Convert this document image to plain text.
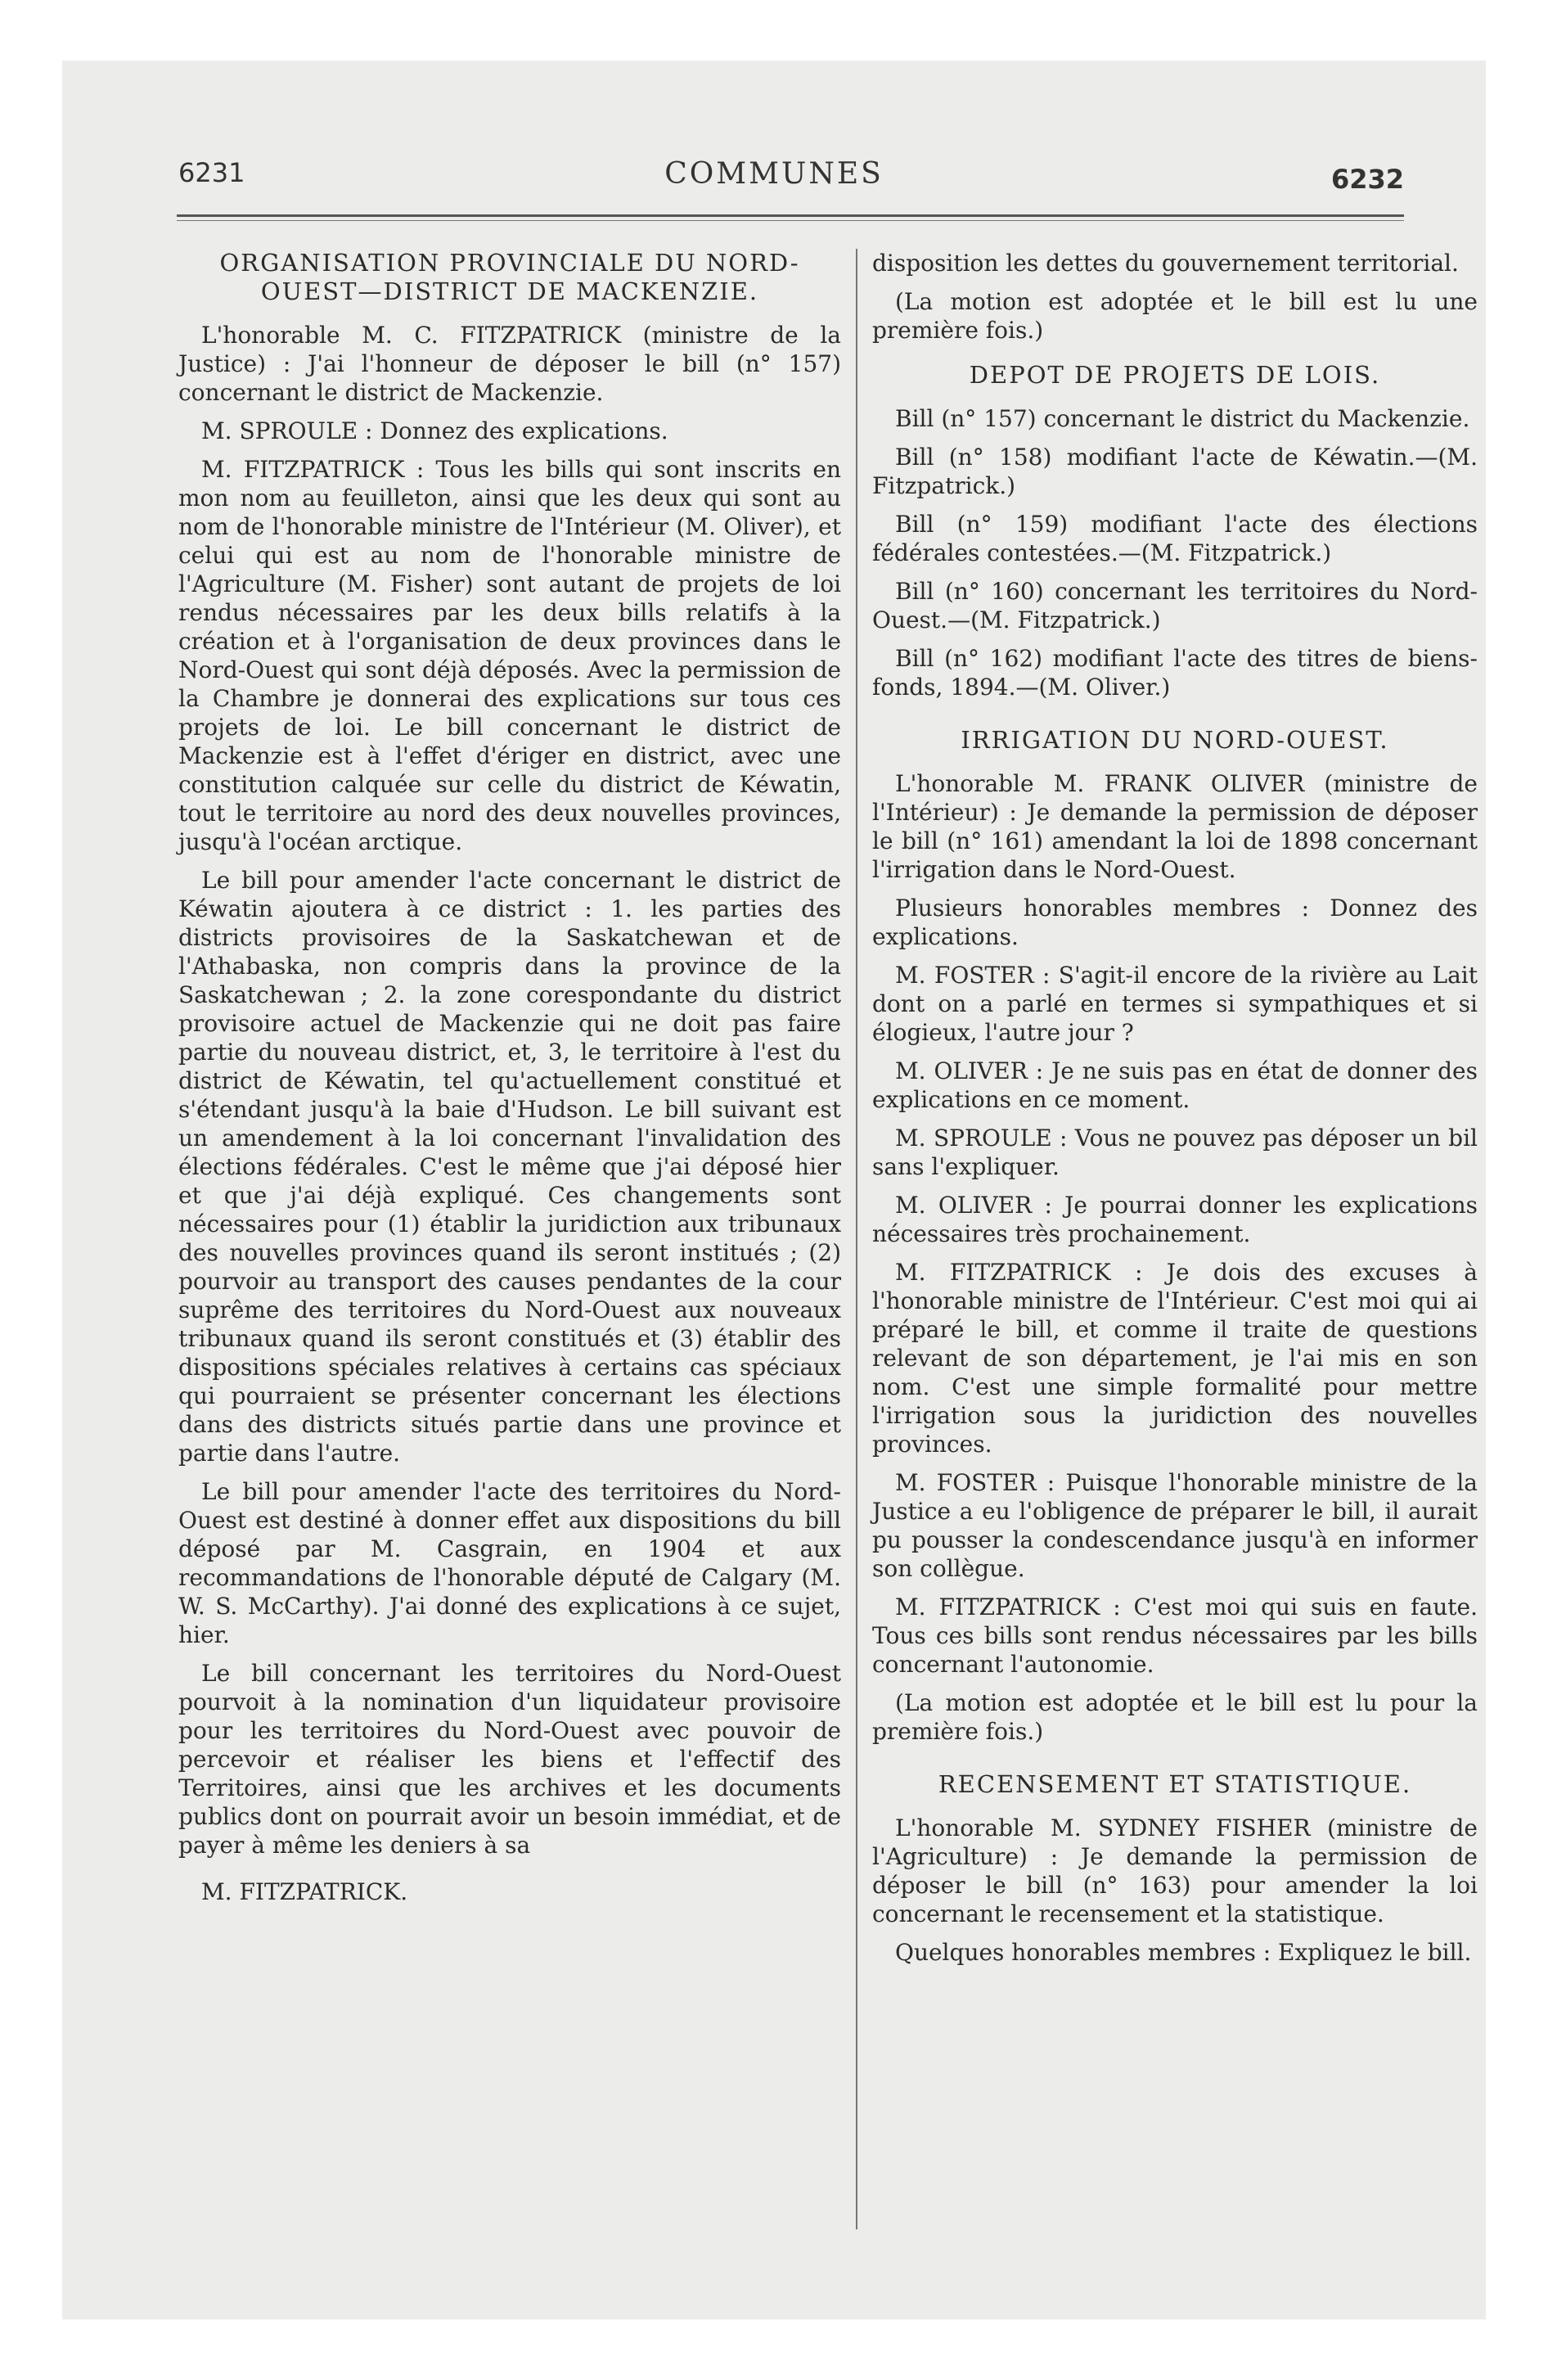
6231	COMMUNES	6232
ORGANISATION PROVINCIALE DU NORD-OUEST—DISTRICT DE MACKENZIE.

L'honorable M. C. FITZPATRICK (ministre de la Justice) : J'ai l'honneur de déposer le bill (n° 157) concernant le district de Mackenzie.

M. SPROULE : Donnez des explications.

M. FITZPATRICK : Tous les bills qui sont inscrits en mon nom au feuilleton, ainsi que les deux qui sont au nom de l'honorable ministre de l'Intérieur (M. Oliver), et celui qui est au nom de l'honorable ministre de l'Agriculture (M. Fisher) sont autant de projets de loi rendus nécessaires par les deux bills relatifs à la création et à l'organisation de deux provinces dans le Nord-Ouest qui sont déjà déposés. Avec la permission de la Chambre je donnerai des explications sur tous ces projets de loi. Le bill concernant le district de Mackenzie est à l'effet d'ériger en district, avec une constitution calquée sur celle du district de Kéwatin, tout le territoire au nord des deux nouvelles provinces, jusqu'à l'océan arctique.

Le bill pour amender l'acte concernant le district de Kéwatin ajoutera à ce district : 1. les parties des districts provisoires de la Saskatchewan et de l'Athabaska, non compris dans la province de la Saskatchewan ; 2. la zone corespondante du district provisoire actuel de Mackenzie qui ne doit pas faire partie du nouveau district, et, 3, le territoire à l'est du district de Kéwatin, tel qu'actuellement constitué et s'étendant jusqu'à la baie d'Hudson. Le bill suivant est un amendement à la loi concernant l'invalidation des élections fédérales. C'est le même que j'ai déposé hier et que j'ai déjà expliqué. Ces changements sont nécessaires pour (1) établir la juridiction aux tribunaux des nouvelles provinces quand ils seront institués ; (2) pourvoir au transport des causes pendantes de la cour suprême des territoires du Nord-Ouest aux nouveaux tribunaux quand ils seront constitués et (3) établir des dispositions spéciales relatives à certains cas spéciaux qui pourraient se présenter concernant les élections dans des districts situés partie dans une province et partie dans l'autre.

Le bill pour amender l'acte des territoires du Nord-Ouest est destiné à donner effet aux dispositions du bill déposé par M. Casgrain, en 1904 et aux recommandations de l'honorable député de Calgary (M. W. S. McCarthy). J'ai donné des explications à ce sujet, hier.

Le bill concernant les territoires du Nord-Ouest pourvoit à la nomination d'un liquidateur provisoire pour les territoires du Nord-Ouest avec pouvoir de percevoir et réaliser les biens et l'effectif des Territoires, ainsi que les archives et les documents publics dont on pourrait avoir un besoin immédiat, et de payer à même les deniers à sa

M. FITZPATRICK.

disposition les dettes du gouvernement territorial.

(La motion est adoptée et le bill est lu une première fois.)

DEPOT DE PROJETS DE LOIS.

Bill (n° 157) concernant le district du Mackenzie.

Bill (n° 158) modifiant l'acte de Kéwatin.—(M. Fitzpatrick.)

Bill (n° 159) modifiant l'acte des élections fédérales contestées.—(M. Fitzpatrick.)

Bill (n° 160) concernant les territoires du Nord-Ouest.—(M. Fitzpatrick.)

Bill (n° 162) modifiant l'acte des titres de biens-fonds, 1894.—(M. Oliver.)

IRRIGATION DU NORD-OUEST.

L'honorable M. FRANK OLIVER (ministre de l'Intérieur) : Je demande la permission de déposer le bill (n° 161) amendant la loi de 1898 concernant l'irrigation dans le Nord-Ouest.

Plusieurs honorables membres : Donnez des explications.

M. FOSTER : S'agit-il encore de la rivière au Lait dont on a parlé en termes si sympathiques et si élogieux, l'autre jour ?

M. OLIVER : Je ne suis pas en état de donner des explications en ce moment.

M. SPROULE : Vous ne pouvez pas déposer un bil sans l'expliquer.

M. OLIVER : Je pourrai donner les explications nécessaires très prochainement.

M. FITZPATRICK : Je dois des excuses à l'honorable ministre de l'Intérieur. C'est moi qui ai préparé le bill, et comme il traite de questions relevant de son département, je l'ai mis en son nom. C'est une simple formalité pour mettre l'irrigation sous la juridiction des nouvelles provinces.

M. FOSTER : Puisque l'honorable ministre de la Justice a eu l'obligence de préparer le bill, il aurait pu pousser la condescendance jusqu'à en informer son collègue.

M. FITZPATRICK : C'est moi qui suis en faute. Tous ces bills sont rendus nécessaires par les bills concernant l'autonomie.

(La motion est adoptée et le bill est lu pour la première fois.)

RECENSEMENT ET STATISTIQUE.

L'honorable M. SYDNEY FISHER (ministre de l'Agriculture) : Je demande la permission de déposer le bill (n° 163) pour amender la loi concernant le recensement et la statistique.

Quelques honorables membres : Expliquez le bill.
